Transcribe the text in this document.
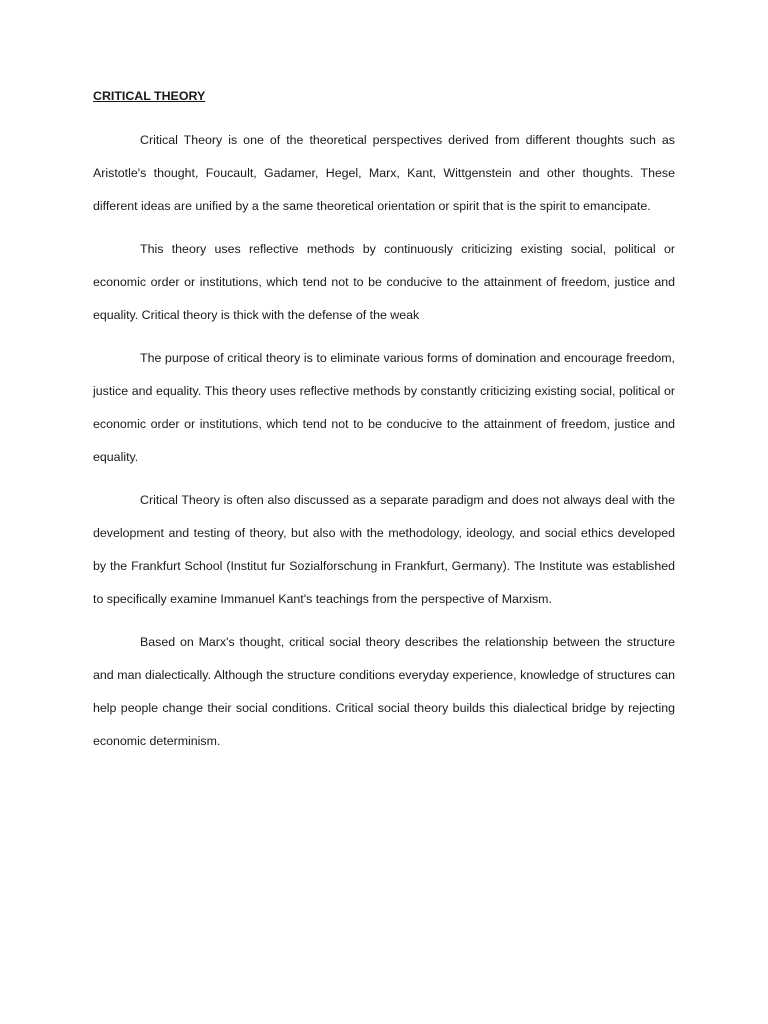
CRITICAL THEORY

Critical Theory is one of the theoretical perspectives derived from different thoughts such as Aristotle's thought, Foucault, Gadamer, Hegel, Marx, Kant, Wittgenstein and other thoughts. These different ideas are unified by a the same theoretical orientation or spirit that is the spirit to emancipate.

This theory uses reflective methods by continuously criticizing existing social, political or economic order or institutions, which tend not to be conducive to the attainment of freedom, justice and equality. Critical theory is thick with the defense of the weak

The purpose of critical theory is to eliminate various forms of domination and encourage freedom, justice and equality. This theory uses reflective methods by constantly criticizing existing social, political or economic order or institutions, which tend not to be conducive to the attainment of freedom, justice and equality.

Critical Theory is often also discussed as a separate paradigm and does not always deal with the development and testing of theory, but also with the methodology, ideology, and social ethics developed by the Frankfurt School (Institut fur Sozialforschung in Frankfurt, Germany). The Institute was established to specifically examine Immanuel Kant's teachings from the perspective of Marxism.

Based on Marx's thought, critical social theory describes the relationship between the structure and man dialectically. Although the structure conditions everyday experience, knowledge of structures can help people change their social conditions. Critical social theory builds this dialectical bridge by rejecting economic determinism.
